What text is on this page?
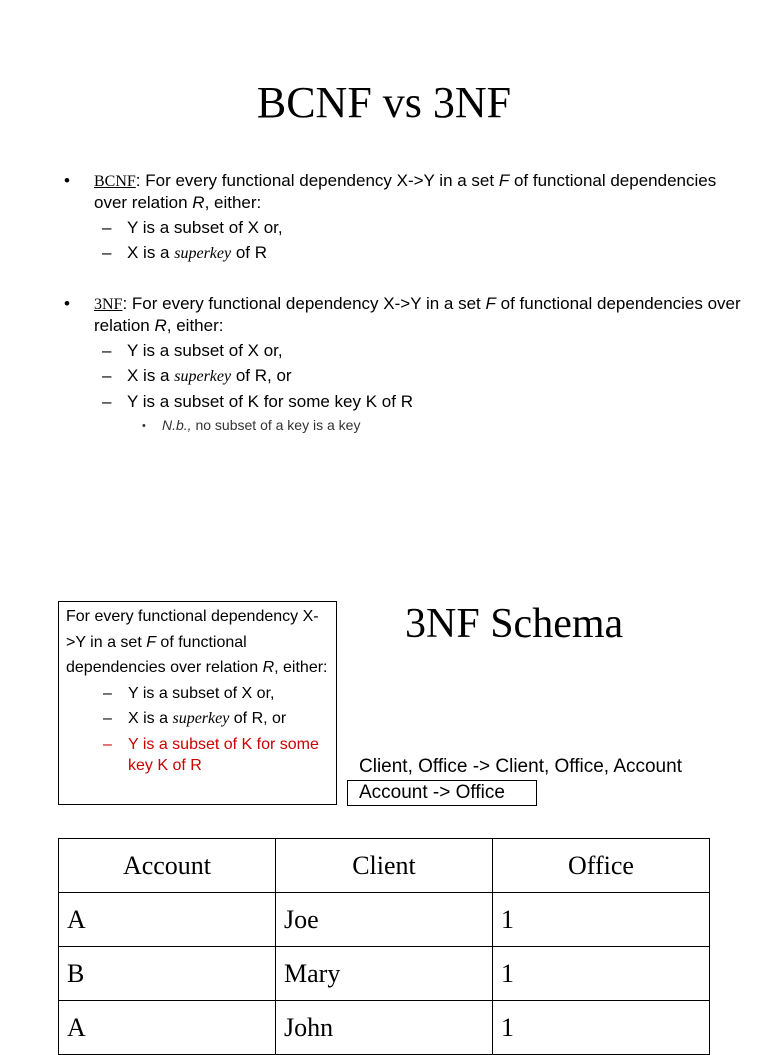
BCNF vs 3NF
• BCNF: For every functional dependency X->Y in a set F of functional dependencies over relation R, either:
– Y is a subset of X or,
– X is a superkey of R
• 3NF: For every functional dependency X->Y in a set F of functional dependencies over relation R, either:
– Y is a subset of X or,
– X is a superkey of R, or
– Y is a subset of K for some key K of R
• N.b., no subset of a key is a key
For every functional dependency X->Y in a set F of functional dependencies over relation R, either:
– Y is a subset of X or,
– X is a superkey of R, or
– Y is a subset of K for some key K of R
3NF Schema
Client, Office -> Client, Office, Account
Account -> Office
Account	Client	Office
A	Joe	1
B	Mary	1
A	John	1
